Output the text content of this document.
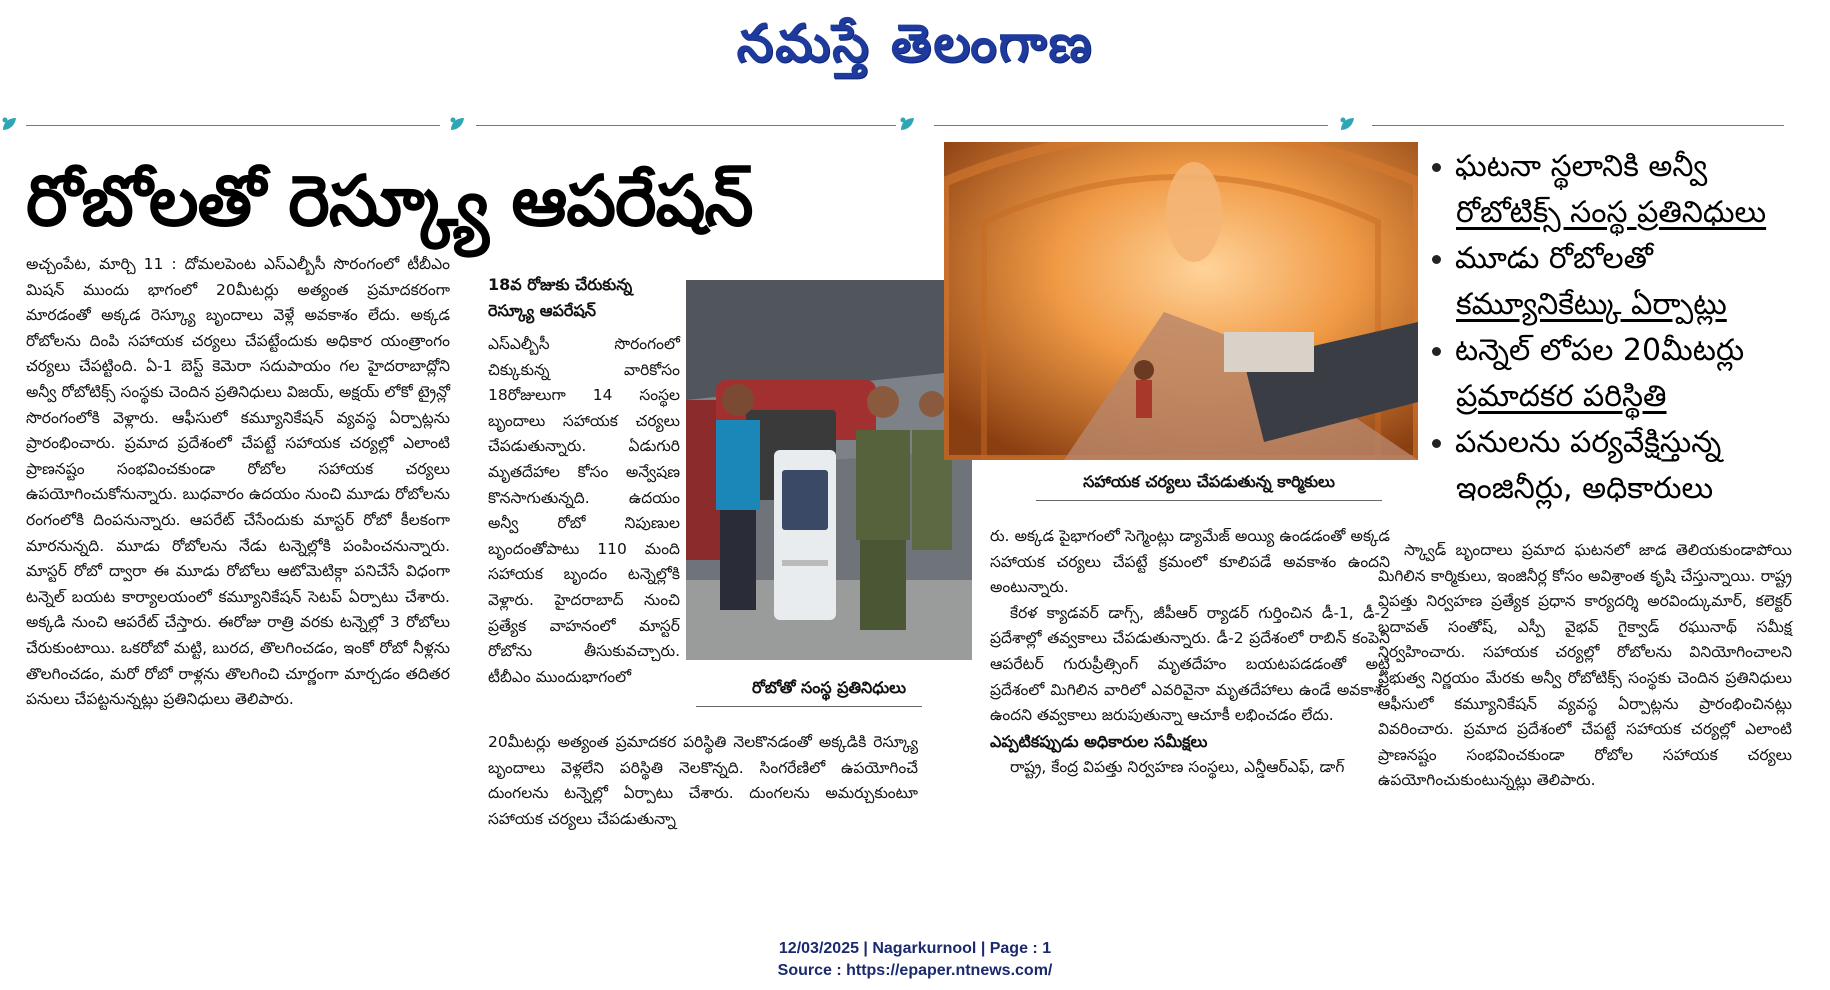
నమస్తే తెలంగాణ
రోబోలతో రెస్క్యూ ఆపరేషన్

అచ్చంపేట, మార్చి 11 : దోమలపెంట ఎస్ఎల్బీసీ సొరంగంలో టీబీఎం మిషన్ ముందు భాగంలో 20మీటర్లు అత్యంత ప్రమాదకరంగా మారడంతో అక్కడ రెస్క్యూ బృందాలు వెళ్లే అవకాశం లేదు. అక్కడ రోబోలను దింపి సహాయక చర్యలు చేపట్టేందుకు అధికార యంత్రాంగం చర్యలు చేపట్టింది. ఏ-1 బెస్ట్ కెమెరా సదుపాయం గల హైదరాబాద్లోని అన్వీ రోబోటిక్స్ సంస్థకు చెందిన ప్రతినిధులు విజయ్, అక్షయ్ లోకో ట్రైన్లో సొరంగంలోకి వెళ్లారు. ఆఫీసులో కమ్యూనికేషన్ వ్యవస్థ ఏర్పాట్లను ప్రారంభించారు. ప్రమాద ప్రదేశంలో చేపట్టే సహాయక చర్యల్లో ఎలాంటి ప్రాణనష్టం సంభవించకుండా రోబోల సహాయక చర్యలు ఉపయోగించుకోనున్నారు. బుధవారం ఉదయం నుంచి మూడు రోబోలను రంగంలోకి దింపనున్నారు. ఆపరేట్ చేసేందుకు మాస్టర్ రోబో కీలకంగా మారనున్నది. మూడు రోబోలను నేడు టన్నెల్లోకి పంపించనున్నారు. మాస్టర్ రోబో ద్వారా ఈ మూడు రోబోలు ఆటోమెటిక్గా పనిచేసే విధంగా టన్నెల్ బయట కార్యాలయంలో కమ్యూనికేషన్ సెటప్ ఏర్పాటు చేశారు. అక్కడి నుంచి ఆపరేట్ చేస్తారు. ఈరోజు రాత్రి వరకు టన్నెల్లో 3 రోబోలు చేరుకుంటాయి. ఒకరోబో మట్టి, బురద, తొలగించడం, ఇంకో రోబో నీళ్లను తొలగించడం, మరో రోబో రాళ్లను తొలగించి చూర్ణంగా మార్చడం తదితర పనులు చేపట్టనున్నట్లు ప్రతినిధులు తెలిపారు.

18వ రోజుకు చేరుకున్న
రెస్క్యూ ఆపరేషన్

ఎస్ఎల్బీసీ సొరంగంలో చిక్కుకున్న వారికోసం 18రోజులుగా 14 సంస్థల బృందాలు సహాయక చర్యలు చేపడుతున్నారు. ఏడుగురి మృతదేహాల కోసం అన్వేషణ కొనసాగుతున్నది. ఉదయం అన్వీ రోబో నిపుణుల బృందంతోపాటు 110 మంది సహాయక బృందం టన్నెల్లోకి వెళ్లారు. హైదరాబాద్ నుంచి ప్రత్యేక వాహనంలో మాస్టర్ రోబోను తీసుకువచ్చారు. టీబీఎం ముందుభాగంలో

రోబోతో సంస్థ ప్రతినిధులు
సహాయక చర్యలు చేపడుతున్న కార్మికులు

20మీటర్లు అత్యంత ప్రమాదకర పరిస్థితి నెలకొనడంతో అక్కడికి రెస్క్యూ బృందాలు వెళ్లలేని పరిస్థితి నెలకొన్నది. సింగరేణిలో ఉపయోగించే దుంగలను టన్నెల్లో ఏర్పాటు చేశారు. దుంగలను అమర్చుకుంటూ సహాయక చర్యలు చేపడుతున్నా

రు. అక్కడ పైభాగంలో సెగ్మెంట్లు డ్యామేజ్ అయ్యి ఉండడంతో అక్కడ సహాయక చర్యలు చేపట్టే క్రమంలో కూలిపడే అవకాశం ఉందని అంటున్నారు.

కేరళ క్యాడవర్ డాగ్స్, జీపీఆర్ ర్యాడర్ గుర్తించిన డీ-1, డీ-2 ప్రదేశాల్లో తవ్వకాలు చేపడుతున్నారు. డీ-2 ప్రదేశంలో రాబిన్ కంపెనీ ఆపరేటర్ గురుప్రీత్సింగ్ మృతదేహం బయటపడడంతో అట్టి ప్రదేశంలో మిగిలిన వారిలో ఎవరివైనా మృతదేహాలు ఉండే అవకాశం ఉందని తవ్వకాలు జరుపుతున్నా ఆచూకీ లభించడం లేదు.

ఎప్పటికప్పుడు అధికారుల సమీక్షలు

రాష్ట్ర, కేంద్ర విపత్తు నిర్వహణ సంస్థలు, ఎన్డీఆర్ఎఫ్, డాగ్

ఘటనా స్థలానికి అన్వీ
రోబోటిక్స్ సంస్థ ప్రతినిధులు
మూడు రోబోలతో
కమ్యూనికేట్కు ఏర్పాట్లు
టన్నెల్ లోపల 20మీటర్లు
ప్రమాదకర పరిస్థితి
పనులను పర్యవేక్షిస్తున్న
ఇంజినీర్లు, అధికారులు

స్క్వాడ్ బృందాలు ప్రమాద ఘటనలో జాడ తెలియకుండాపోయి మిగిలిన కార్మికులు, ఇంజినీర్ల కోసం అవిశ్రాంత కృషి చేస్తున్నాయి. రాష్ట్ర విపత్తు నిర్వహణ ప్రత్యేక ప్రధాన కార్యదర్శి అరవింద్కుమార్, కలెక్టర్ బదావత్ సంతోష్, ఎస్పీ వైభవ్ గైక్వాడ్ రఘునాథ్ సమీక్ష నిర్వహించారు. సహాయక చర్యల్లో రోబోలను వినియోగించాలని ప్రభుత్వ నిర్ణయం మేరకు అన్వీ రోబోటిక్స్ సంస్థకు చెందిన ప్రతినిధులు ఆఫీసులో కమ్యూనికేషన్ వ్యవస్థ ఏర్పాట్లను ప్రారంభించినట్లు వివరించారు. ప్రమాద ప్రదేశంలో చేపట్టే సహాయక చర్యల్లో ఎలాంటి ప్రాణనష్టం సంభవించకుండా రోబోల సహాయక చర్యలు ఉపయోగించుకుంటున్నట్లు తెలిపారు.

12/03/2025 | Nagarkurnool | Page : 1
Source : https://epaper.ntnews.com/
